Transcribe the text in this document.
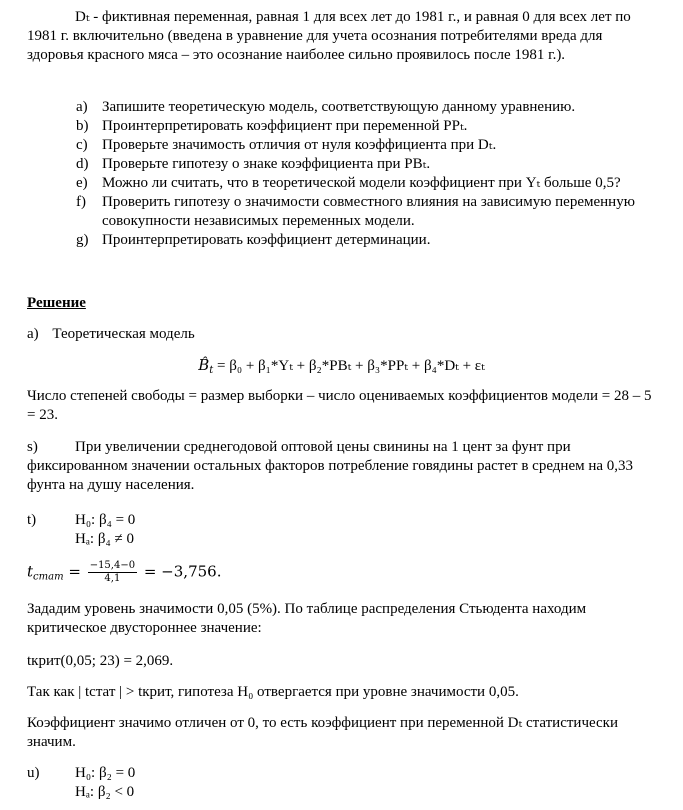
Dₜ - фиктивная переменная, равная 1 для всех лет до 1981 г., и равная 0 для всех лет по 1981 г. включительно (введена в уравнение для учета осознания потребителями вреда для здоровья красного мяса – это осознание наиболее сильно проявилось после 1981 г.).
a) Запишите теоретическую модель, соответствующую данному уравнению.
b) Проинтерпретировать коэффициент при переменной PPₜ.
c) Проверьте значимость отличия от нуля коэффициента при Dₜ.
d) Проверьте гипотезу о знаке коэффициента при PBₜ.
e) Можно ли считать, что в теоретической модели коэффициент при Yₜ больше 0,5?
f) Проверить гипотезу о значимости совместного влияния на зависимую переменную совокупности независимых переменных модели.
g) Проинтерпретировать коэффициент детерминации.
Решение
a) Теоретическая модель
$B̂_t = \beta_0 + \beta_1*Y_t + \beta_2*PB_t + \beta_3*PP_t + \beta_4*D_t + \varepsilon_t$
Число степеней свободы = размер выборки – число оцениваемых коэффициентов модели = 28 – 5 = 23.
s)	При увеличении среднегодовой оптовой цены свинины на 1 цент за фунт при фиксированном значении остальных факторов потребление говядины растет в среднем на 0,33 фунта на душу населения.
t)	H₀: β₄ = 0
Hₐ: β₄ ≠ 0
$t_{стат} = \frac{-15,4-0}{4,1} = -3,756$.
Зададим уровень значимости 0,05 (5%). По таблице распределения Стьюдента находим критическое двустороннее значение:
tкрит(0,05; 23) = 2,069.
Так как | tстат | > tкрит, гипотеза H₀ отвергается при уровне значимости 0,05.
Коэффициент значимо отличен от 0, то есть коэффициент при переменной Dₜ статистически значим.
u) H₀: β₂ = 0
Hₐ: β₂ < 0
